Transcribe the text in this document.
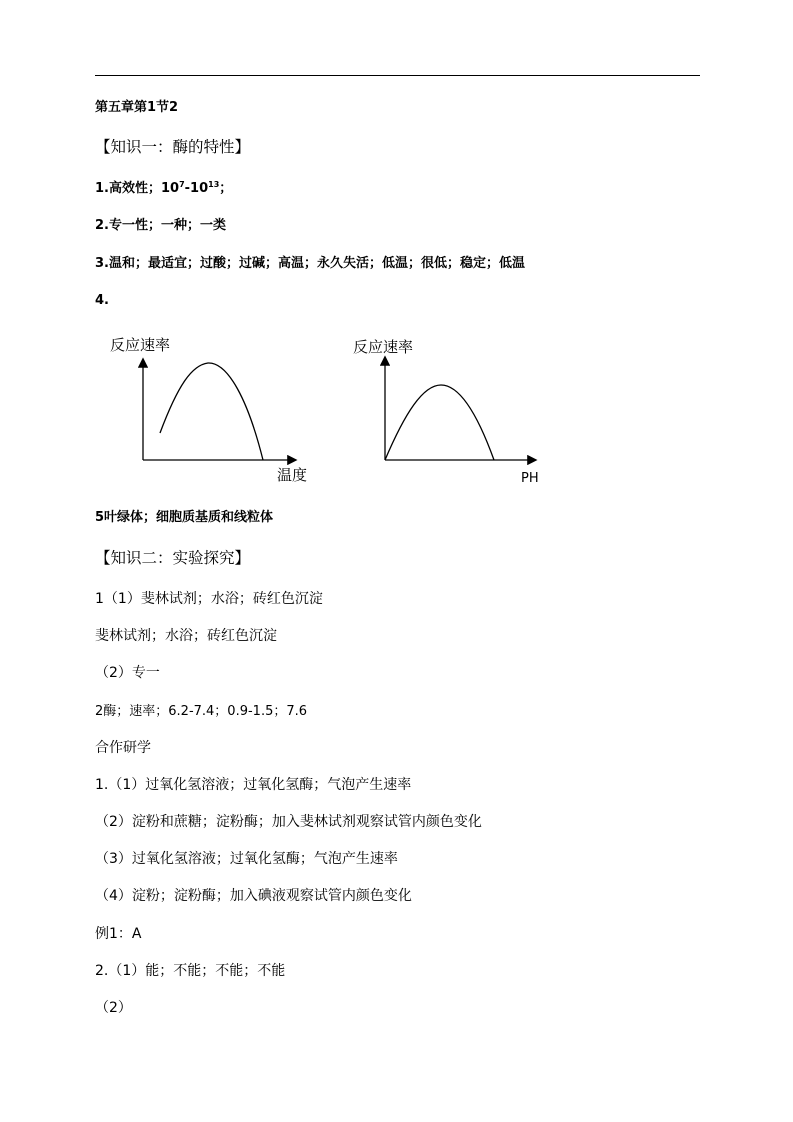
第五章第1节2
【知识一：酶的特性】
1.高效性；$10^7-10^{13}$；
2.专一性；一种；一类
3.温和；最适宜；过酸；过碱；高温；永久失活；低温；很低；稳定；低温
4.
反应速率
温度
反应速率
PH
5叶绿体；细胞质基质和线粒体
【知识二：实验探究】
1（1）斐林试剂；水浴；砖红色沉淀
斐林试剂；水浴；砖红色沉淀
（2）专一
2酶；速率；6.2-7.4；0.9-1.5；7.6
合作研学
1.（1）过氧化氢溶液；过氧化氢酶；气泡产生速率
（2）淀粉和蔗糖；淀粉酶；加入斐林试剂观察试管内颜色变化
（3）过氧化氢溶液；过氧化氢酶；气泡产生速率
（4）淀粉；淀粉酶；加入碘液观察试管内颜色变化
例1：A
2.（1）能；不能；不能；不能
（2）
